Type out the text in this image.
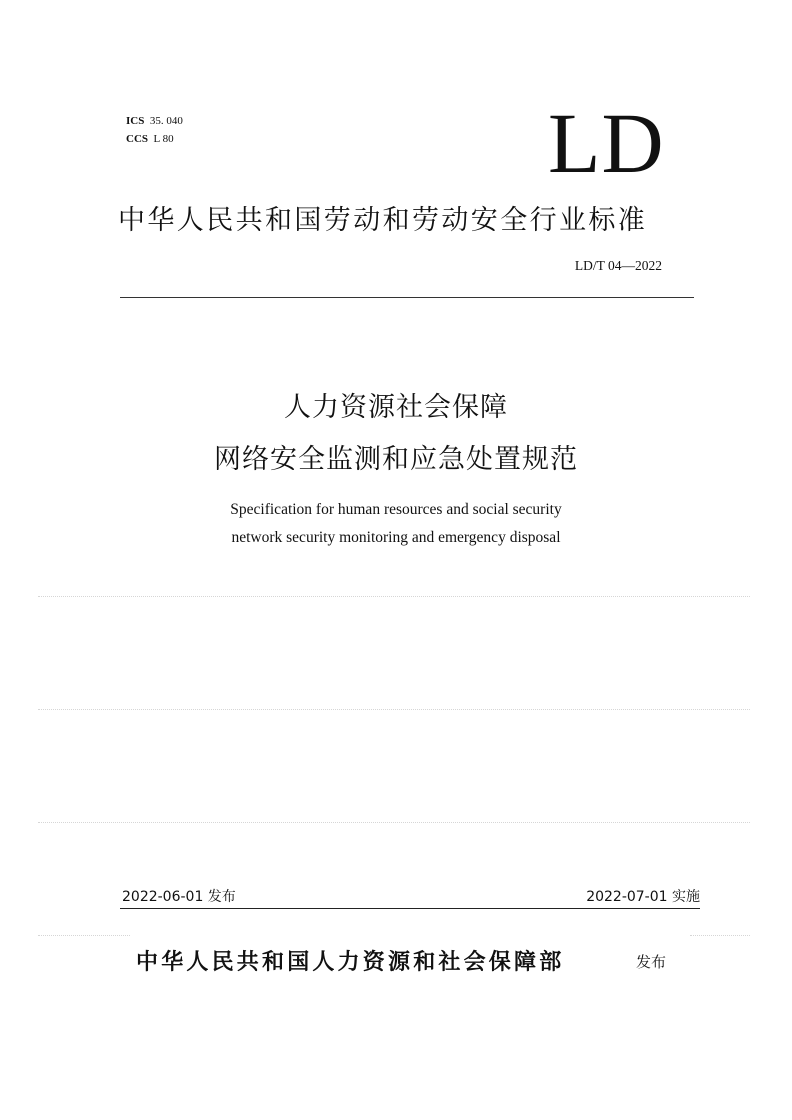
ICS 35. 040
CCS L 80	LD
中华人民共和国劳动和劳动安全行业标准
LD/T 04—2022
人力资源社会保障
网络安全监测和应急处置规范
Specification for human resources and social security
network security monitoring and emergency disposal
2022-06-01 发布	2022-07-01 实施
中华人民共和国人力资源和社会保障部	发布
